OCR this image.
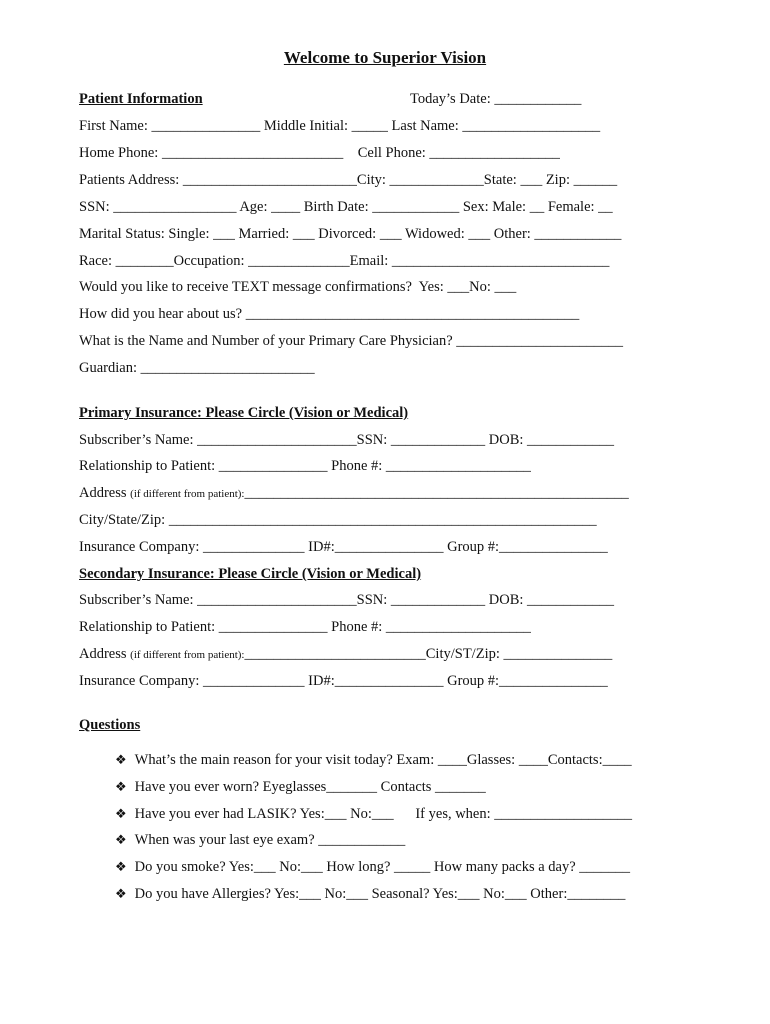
Welcome to Superior Vision
Patient Information	Today’s Date: ____________
First Name: _______________ Middle Initial: _____ Last Name: ___________________
Home Phone: _________________________    Cell Phone: __________________
Patients Address: ________________________City: _____________State: ___ Zip: ______
SSN: _________________ Age: ____ Birth Date: ____________ Sex: Male: __ Female: __
Marital Status: Single: ___ Married: ___ Divorced: ___ Widowed: ___ Other: ____________
Race: ________Occupation: ______________Email: ______________________________
Would you like to receive TEXT message confirmations?  Yes: ___No: ___
How did you hear about us? ______________________________________________
What is the Name and Number of your Primary Care Physician? _______________________
Guardian: ________________________
Primary Insurance: Please Circle (Vision or Medical)
Subscriber’s Name: ______________________SSN: _____________ DOB: ____________
Relationship to Patient: _______________ Phone #: ____________________
Address (if different from patient):_____________________________________________________
City/State/Zip: ___________________________________________________________
Insurance Company: ______________ ID#:_______________ Group #:_______________
Secondary Insurance: Please Circle (Vision or Medical)
Subscriber’s Name: ______________________SSN: _____________ DOB: ____________
Relationship to Patient: _______________ Phone #: ____________________
Address (if different from patient):_________________________City/ST/Zip: _______________
Insurance Company: ______________ ID#:_______________ Group #:_______________
Questions
❖ What’s the main reason for your visit today? Exam: ____Glasses: ____Contacts:____
❖ Have you ever worn? Eyeglasses_______ Contacts _______
❖ Have you ever had LASIK? Yes:___ No:___      If yes, when: ___________________
❖ When was your last eye exam? ____________
❖ Do you smoke? Yes:___ No:___ How long? _____ How many packs a day? _______
❖ Do you have Allergies? Yes:___ No:___ Seasonal? Yes:___ No:___ Other:________
